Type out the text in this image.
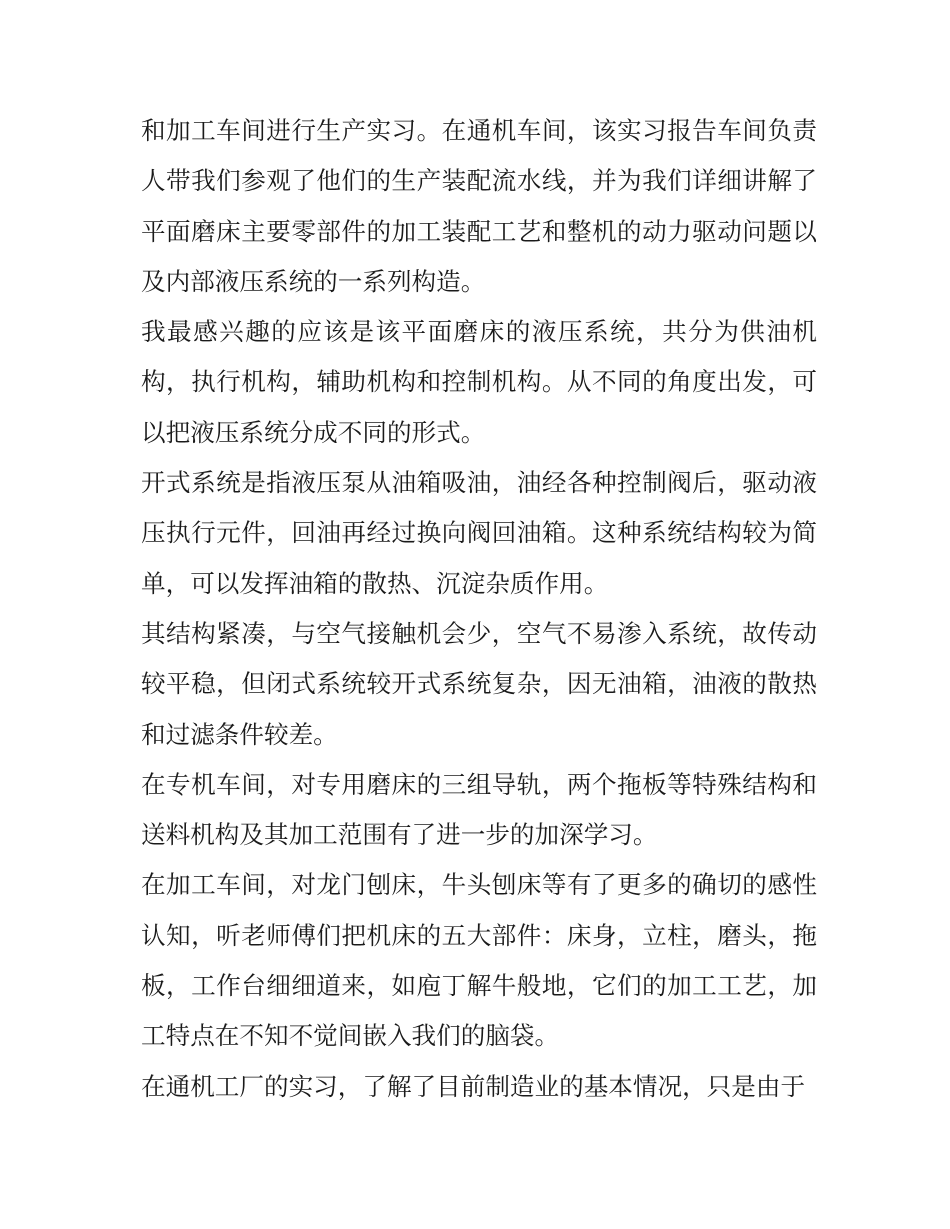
和加工车间进行生产实习。在通机车间，该实习报告车间负责人带我们参观了他们的生产装配流水线，并为我们详细讲解了平面磨床主要零部件的加工装配工艺和整机的动力驱动问题以及内部液压系统的一系列构造。

我最感兴趣的应该是该平面磨床的液压系统，共分为供油机构，执行机构，辅助机构和控制机构。从不同的角度出发，可以把液压系统分成不同的形式。

开式系统是指液压泵从油箱吸油，油经各种控制阀后，驱动液压执行元件，回油再经过换向阀回油箱。这种系统结构较为简单，可以发挥油箱的散热、沉淀杂质作用。

其结构紧凑，与空气接触机会少，空气不易渗入系统，故传动较平稳，但闭式系统较开式系统复杂，因无油箱，油液的散热和过滤条件较差。

在专机车间，对专用磨床的三组导轨，两个拖板等特殊结构和送料机构及其加工范围有了进一步的加深学习。

在加工车间，对龙门刨床，牛头刨床等有了更多的确切的感性认知，听老师傅们把机床的五大部件：床身，立柱，磨头，拖板，工作台细细道来，如庖丁解牛般地，它们的加工工艺，加工特点在不知不觉间嵌入我们的脑袋。

在通机工厂的实习，了解了目前制造业的基本情况，只是由于
